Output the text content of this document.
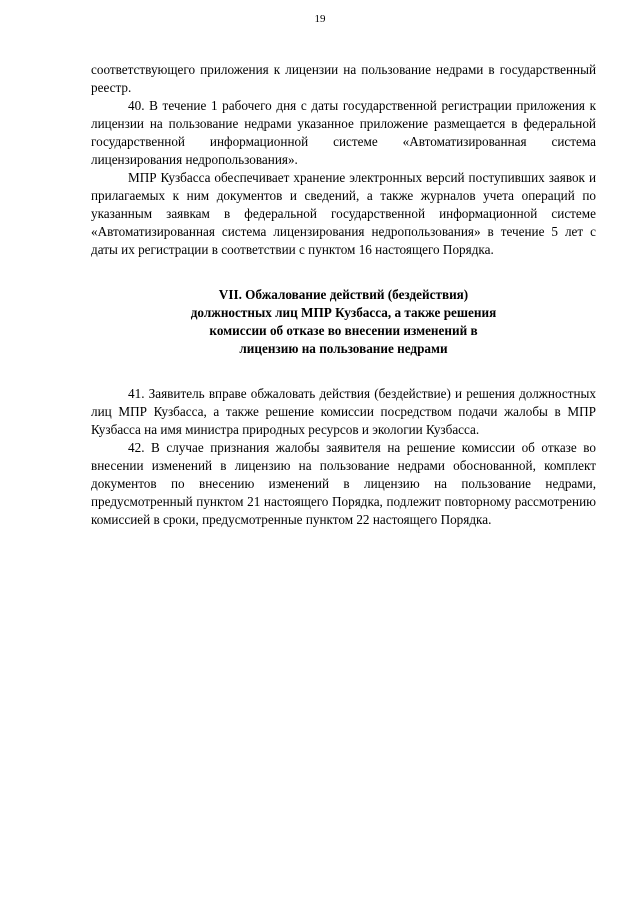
19

соответствующего приложения к лицензии на пользование недрами в государственный реестр.

40. В течение 1 рабочего дня с даты государственной регистрации приложения к лицензии на пользование недрами указанное приложение размещается в федеральной государственной информационной системе «Автоматизированная система лицензирования недропользования».

МПР Кузбасса обеспечивает хранение электронных версий поступивших заявок и прилагаемых к ним документов и сведений, а также журналов учета операций по указанным заявкам в федеральной государственной информационной системе «Автоматизированная система лицензирования недропользования» в течение 5 лет с даты их регистрации в соответствии с пунктом 16 настоящего Порядка.

VII. Обжалование действий (бездействия)
должностных лиц МПР Кузбасса, а также решения
комиссии об отказе во внесении изменений в
лицензию на пользование недрами

41. Заявитель вправе обжаловать действия (бездействие) и решения должностных лиц МПР Кузбасса, а также решение комиссии посредством подачи жалобы в МПР Кузбасса на имя министра природных ресурсов и экологии Кузбасса.

42. В случае признания жалобы заявителя на решение комиссии об отказе во внесении изменений в лицензию на пользование недрами обоснованной, комплект документов по внесению изменений в лицензию на пользование недрами, предусмотренный пунктом 21 настоящего Порядка, подлежит повторному рассмотрению комиссией в сроки, предусмотренные пунктом 22 настоящего Порядка.
